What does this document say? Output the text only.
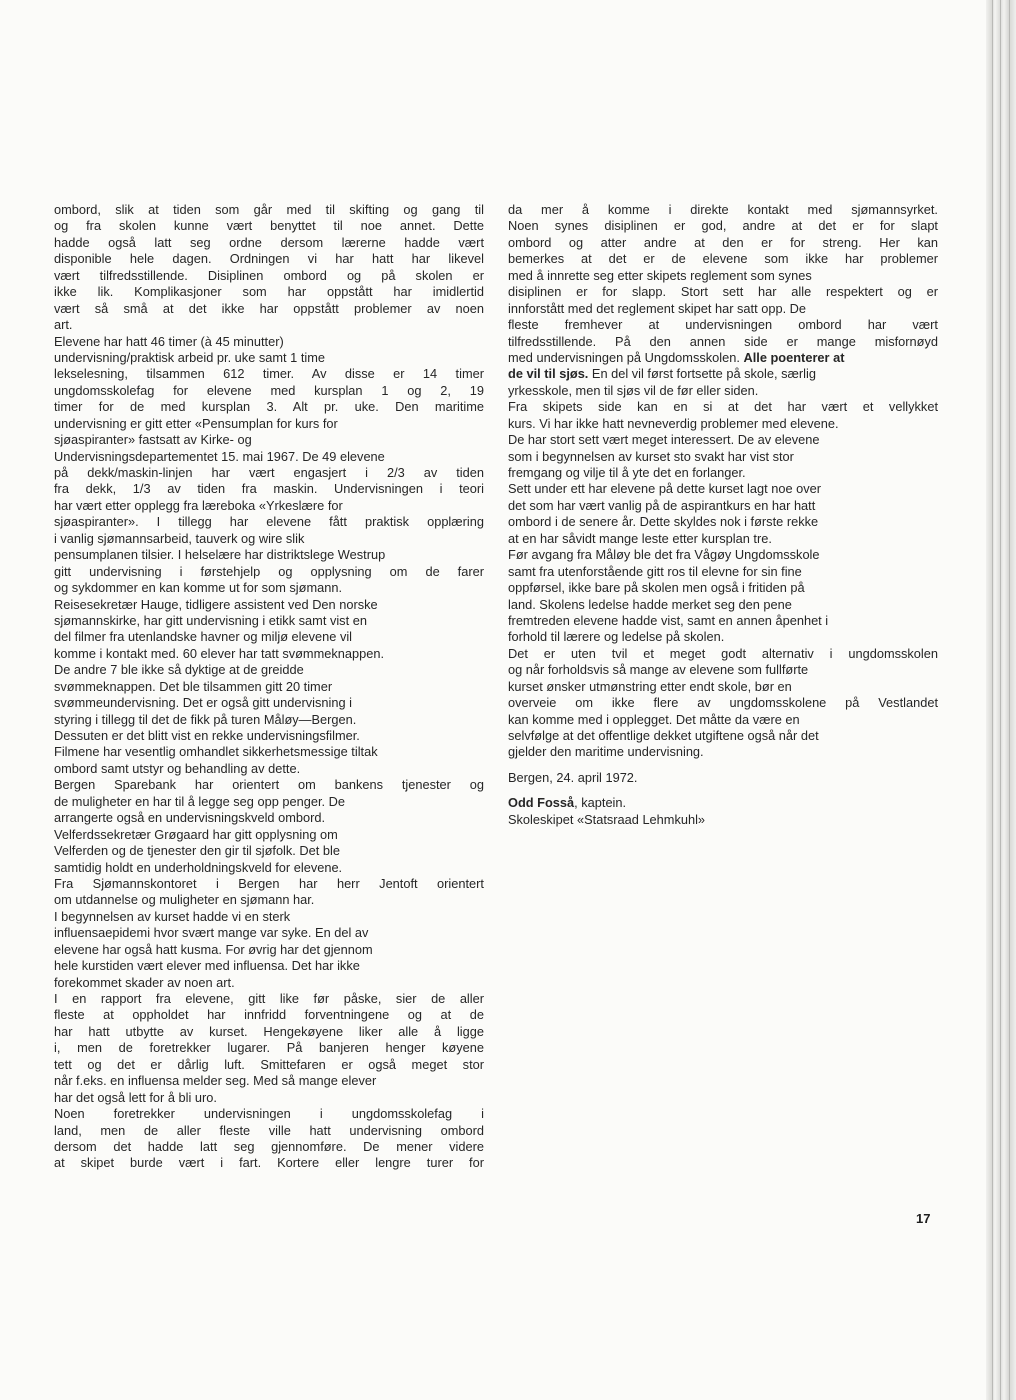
ombord, slik at tiden som går med til skifting og gang til
og fra skolen kunne vært benyttet til noe annet. Dette
hadde også latt seg ordne dersom lærerne hadde vært
disponible hele dagen. Ordningen vi har hatt har likevel
vært tilfredsstillende. Disiplinen ombord og på skolen er
ikke lik. Komplikasjoner som har oppstått har imidlertid
vært så små at det ikke har oppstått problemer av noen
art.
Elevene har hatt 46 timer (à 45 minutter)
undervisning/praktisk arbeid pr. uke samt 1 time
lekselesning, tilsammen 612 timer. Av disse er 14 timer
ungdomsskolefag for elevene med kursplan 1 og 2, 19
timer for de med kursplan 3. Alt pr. uke. Den maritime
undervisning er gitt etter «Pensumplan for kurs for
sjøaspiranter» fastsatt av Kirke- og
Undervisningsdepartementet 15. mai 1967. De 49 elevene
på dekk/maskin-linjen har vært engasjert i 2/3 av tiden
fra dekk, 1/3 av tiden fra maskin. Undervisningen i teori
har vært etter opplegg fra læreboka «Yrkeslære for
sjøaspiranter». I tillegg har elevene fått praktisk opplæring
i vanlig sjømannsarbeid, tauverk og wire slik
pensumplanen tilsier. I helselære har distriktslege Westrup
gitt undervisning i førstehjelp og opplysning om de farer
og sykdommer en kan komme ut for som sjømann.
Reisesekretær Hauge, tidligere assistent ved Den norske
sjømannskirke, har gitt undervisning i etikk samt vist en
del filmer fra utenlandske havner og miljø elevene vil
komme i kontakt med. 60 elever har tatt svømmeknappen.
De andre 7 ble ikke så dyktige at de greidde
svømmeknappen. Det ble tilsammen gitt 20 timer
svømmeundervisning. Det er også gitt undervisning i
styring i tillegg til det de fikk på turen Måløy—Bergen.
Dessuten er det blitt vist en rekke undervisningsfilmer.
Filmene har vesentlig omhandlet sikkerhetsmessige tiltak
ombord samt utstyr og behandling av dette.
Bergen Sparebank har orientert om bankens tjenester og
de muligheter en har til å legge seg opp penger. De
arrangerte også en undervisningskveld ombord.
Velferdssekretær Grøgaard har gitt opplysning om
Velferden og de tjenester den gir til sjøfolk. Det ble
samtidig holdt en underholdningskveld for elevene.
Fra Sjømannskontoret i Bergen har herr Jentoft orientert
om utdannelse og muligheter en sjømann har.
I begynnelsen av kurset hadde vi en sterk
influensaepidemi hvor svært mange var syke. En del av
elevene har også hatt kusma. For øvrig har det gjennom
hele kurstiden vært elever med influensa. Det har ikke
forekommet skader av noen art.
I en rapport fra elevene, gitt like før påske, sier de aller
fleste at oppholdet har innfridd forventningene og at de
har hatt utbytte av kurset. Hengekøyene liker alle å ligge
i, men de foretrekker lugarer. På banjeren henger køyene
tett og det er dårlig luft. Smittefaren er også meget stor
når f.eks. en influensa melder seg. Med så mange elever
har det også lett for å bli uro.
Noen foretrekker undervisningen i ungdomsskolefag i
land, men de aller fleste ville hatt undervisning ombord
dersom det hadde latt seg gjennomføre. De mener videre
at skipet burde vært i fart. Kortere eller lengre turer for
da mer å komme i direkte kontakt med sjømannsyrket.
Noen synes disiplinen er god, andre at det er for slapt
ombord og atter andre at den er for streng. Her kan
bemerkes at det er de elevene som ikke har problemer
med å innrette seg etter skipets reglement som synes
disiplinen er for slapp. Stort sett har alle respektert og er
innforstått med det reglement skipet har satt opp. De
fleste fremhever at undervisningen ombord har vært
tilfredsstillende. På den annen side er mange misfornøyd
med undervisningen på Ungdomsskolen. Alle poenterer at
de vil til sjøs. En del vil først fortsette på skole, særlig
yrkesskole, men til sjøs vil de før eller siden.
Fra skipets side kan en si at det har vært et vellykket
kurs. Vi har ikke hatt nevneverdig problemer med elevene.
De har stort sett vært meget interessert. De av elevene
som i begynnelsen av kurset sto svakt har vist stor
fremgang og vilje til å yte det en forlanger.
Sett under ett har elevene på dette kurset lagt noe over
det som har vært vanlig på de aspirantkurs en har hatt
ombord i de senere år. Dette skyldes nok i første rekke
at en har såvidt mange leste etter kursplan tre.
Før avgang fra Måløy ble det fra Vågøy Ungdomsskole
samt fra utenforstående gitt ros til elevne for sin fine
oppførsel, ikke bare på skolen men også i fritiden på
land. Skolens ledelse hadde merket seg den pene
fremtreden elevene hadde vist, samt en annen åpenhet i
forhold til lærere og ledelse på skolen.
Det er uten tvil et meget godt alternativ i ungdomsskolen
og når forholdsvis så mange av elevene som fullførte
kurset ønsker utmønstring etter endt skole, bør en
overveie om ikke flere av ungdomsskolene på Vestlandet
kan komme med i opplegget. Det måtte da være en
selvfølge at det offentlige dekket utgiftene også når det
gjelder den maritime undervisning.
Bergen, 24. april 1972.
Odd Fosså, kaptein.
Skoleskipet «Statsraad Lehmkuhl»
17
